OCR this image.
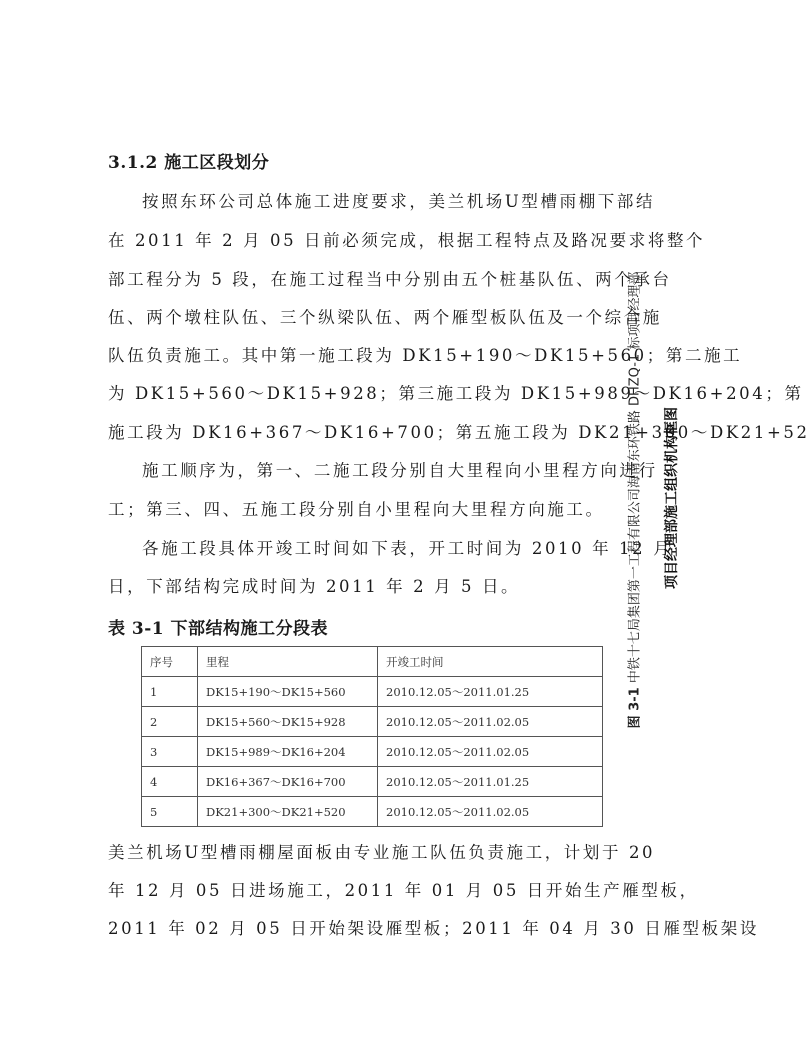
3.1.2 施工区段划分
按照东环公司总体施工进度要求，美兰机场U型槽雨棚下部结
在 2011 年 2 月 05 日前必须完成，根据工程特点及路况要求将整个
部工程分为 5 段，在施工过程当中分别由五个桩基队伍、两个承台
伍、两个墩柱队伍、三个纵梁队伍、两个雁型板队伍及一个综合施
队伍负责施工。其中第一施工段为 DK15+190～DK15+560；第二施工
为 DK15+560～DK15+928；第三施工段为 DK15+989～DK16+204；第
施工段为 DK16+367～DK16+700；第五施工段为 DK21+300～DK21+52
施工顺序为，第一、二施工段分别自大里程向小里程方向进行
工；第三、四、五施工段分别自小里程向大里程方向施工。
各施工段具体开竣工时间如下表，开工时间为 2010 年 12 月
日，下部结构完成时间为 2011 年 2 月 5 日。
表 3-1 下部结构施工分段表
序号	里程	开竣工时间
1	DK15+190～DK15+560	2010.12.05～2011.01.25
2	DK15+560～DK15+928	2010.12.05～2011.02.05
3	DK15+989～DK16+204	2010.12.05～2011.02.05
4	DK16+367～DK16+700	2010.12.05～2011.01.25
5	DK21+300～DK21+520	2010.12.05～2011.02.05
美兰机场U型槽雨棚屋面板由专业施工队伍负责施工，计划于 20
年 12 月 05 日进场施工，2011 年 01 月 05 日开始生产雁型板，
2011 年 02 月 05 日开始架设雁型板；2011 年 04 月 30 日雁型板架设
图 3-1 中铁十七局集团第一工程有限公司海南东环铁路 DHZQ-1 标项目经理部 项目经理部施工组织机构框图
